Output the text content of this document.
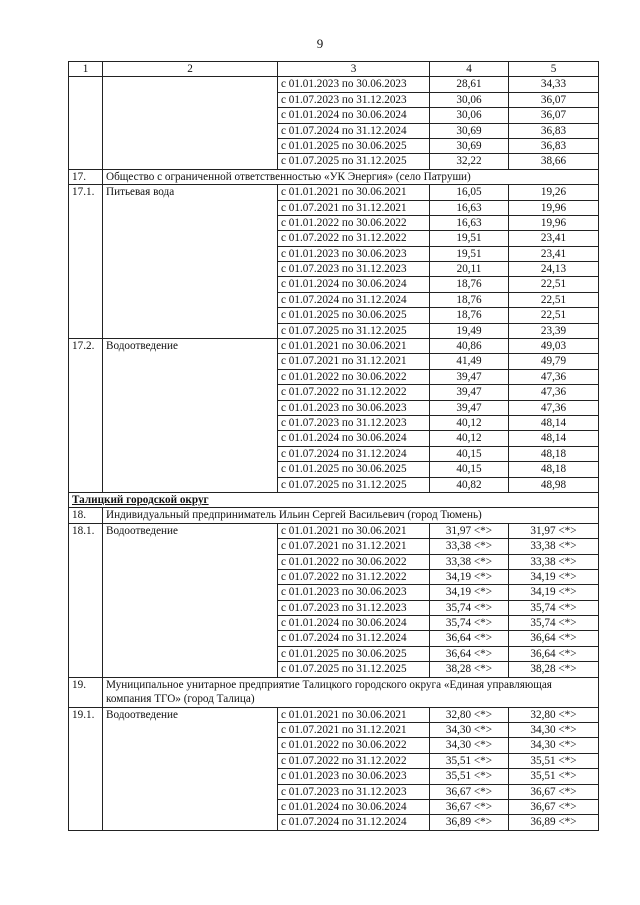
9
1	2	3	4	5
		с 01.01.2023 по 30.06.2023	28,61	34,33
		с 01.07.2023 по 31.12.2023	30,06	36,07
		с 01.01.2024 по 30.06.2024	30,06	36,07
		с 01.07.2024 по 31.12.2024	30,69	36,83
		с 01.01.2025 по 30.06.2025	30,69	36,83
		с 01.07.2025 по 31.12.2025	32,22	38,66
17.	Общество с ограниченной ответственностью «УК Энергия» (село Патруши)			
17.1.	Питьевая вода	с 01.01.2021 по 30.06.2021	16,05	19,26
		с 01.07.2021 по 31.12.2021	16,63	19,96
		с 01.01.2022 по 30.06.2022	16,63	19,96
		с 01.07.2022 по 31.12.2022	19,51	23,41
		с 01.01.2023 по 30.06.2023	19,51	23,41
		с 01.07.2023 по 31.12.2023	20,11	24,13
		с 01.01.2024 по 30.06.2024	18,76	22,51
		с 01.07.2024 по 31.12.2024	18,76	22,51
		с 01.01.2025 по 30.06.2025	18,76	22,51
		с 01.07.2025 по 31.12.2025	19,49	23,39
17.2.	Водоотведение	с 01.01.2021 по 30.06.2021	40,86	49,03
		с 01.07.2021 по 31.12.2021	41,49	49,79
		с 01.01.2022 по 30.06.2022	39,47	47,36
		с 01.07.2022 по 31.12.2022	39,47	47,36
		с 01.01.2023 по 30.06.2023	39,47	47,36
		с 01.07.2023 по 31.12.2023	40,12	48,14
		с 01.01.2024 по 30.06.2024	40,12	48,14
		с 01.07.2024 по 31.12.2024	40,15	48,18
		с 01.01.2025 по 30.06.2025	40,15	48,18
		с 01.07.2025 по 31.12.2025	40,82	48,98
Талицкий городской округ				
18.	Индивидуальный предприниматель Ильин Сергей Васильевич (город Тюмень)			
18.1.	Водоотведение	с 01.01.2021 по 30.06.2021	31,97 <*>	31,97 <*>
		с 01.07.2021 по 31.12.2021	33,38 <*>	33,38 <*>
		с 01.01.2022 по 30.06.2022	33,38 <*>	33,38 <*>
		с 01.07.2022 по 31.12.2022	34,19 <*>	34,19 <*>
		с 01.01.2023 по 30.06.2023	34,19 <*>	34,19 <*>
		с 01.07.2023 по 31.12.2023	35,74 <*>	35,74 <*>
		с 01.01.2024 по 30.06.2024	35,74 <*>	35,74 <*>
		с 01.07.2024 по 31.12.2024	36,64 <*>	36,64 <*>
		с 01.01.2025 по 30.06.2025	36,64 <*>	36,64 <*>
		с 01.07.2025 по 31.12.2025	38,28 <*>	38,28 <*>
19.	Муниципальное унитарное предприятие Талицкого городского округа «Единая управляющая компания ТГО» (город Талица)			
19.1.	Водоотведение	с 01.01.2021 по 30.06.2021	32,80 <*>	32,80 <*>
		с 01.07.2021 по 31.12.2021	34,30 <*>	34,30 <*>
		с 01.01.2022 по 30.06.2022	34,30 <*>	34,30 <*>
		с 01.07.2022 по 31.12.2022	35,51 <*>	35,51 <*>
		с 01.01.2023 по 30.06.2023	35,51 <*>	35,51 <*>
		с 01.07.2023 по 31.12.2023	36,67 <*>	36,67 <*>
		с 01.01.2024 по 30.06.2024	36,67 <*>	36,67 <*>
		с 01.07.2024 по 31.12.2024	36,89 <*>	36,89 <*>
